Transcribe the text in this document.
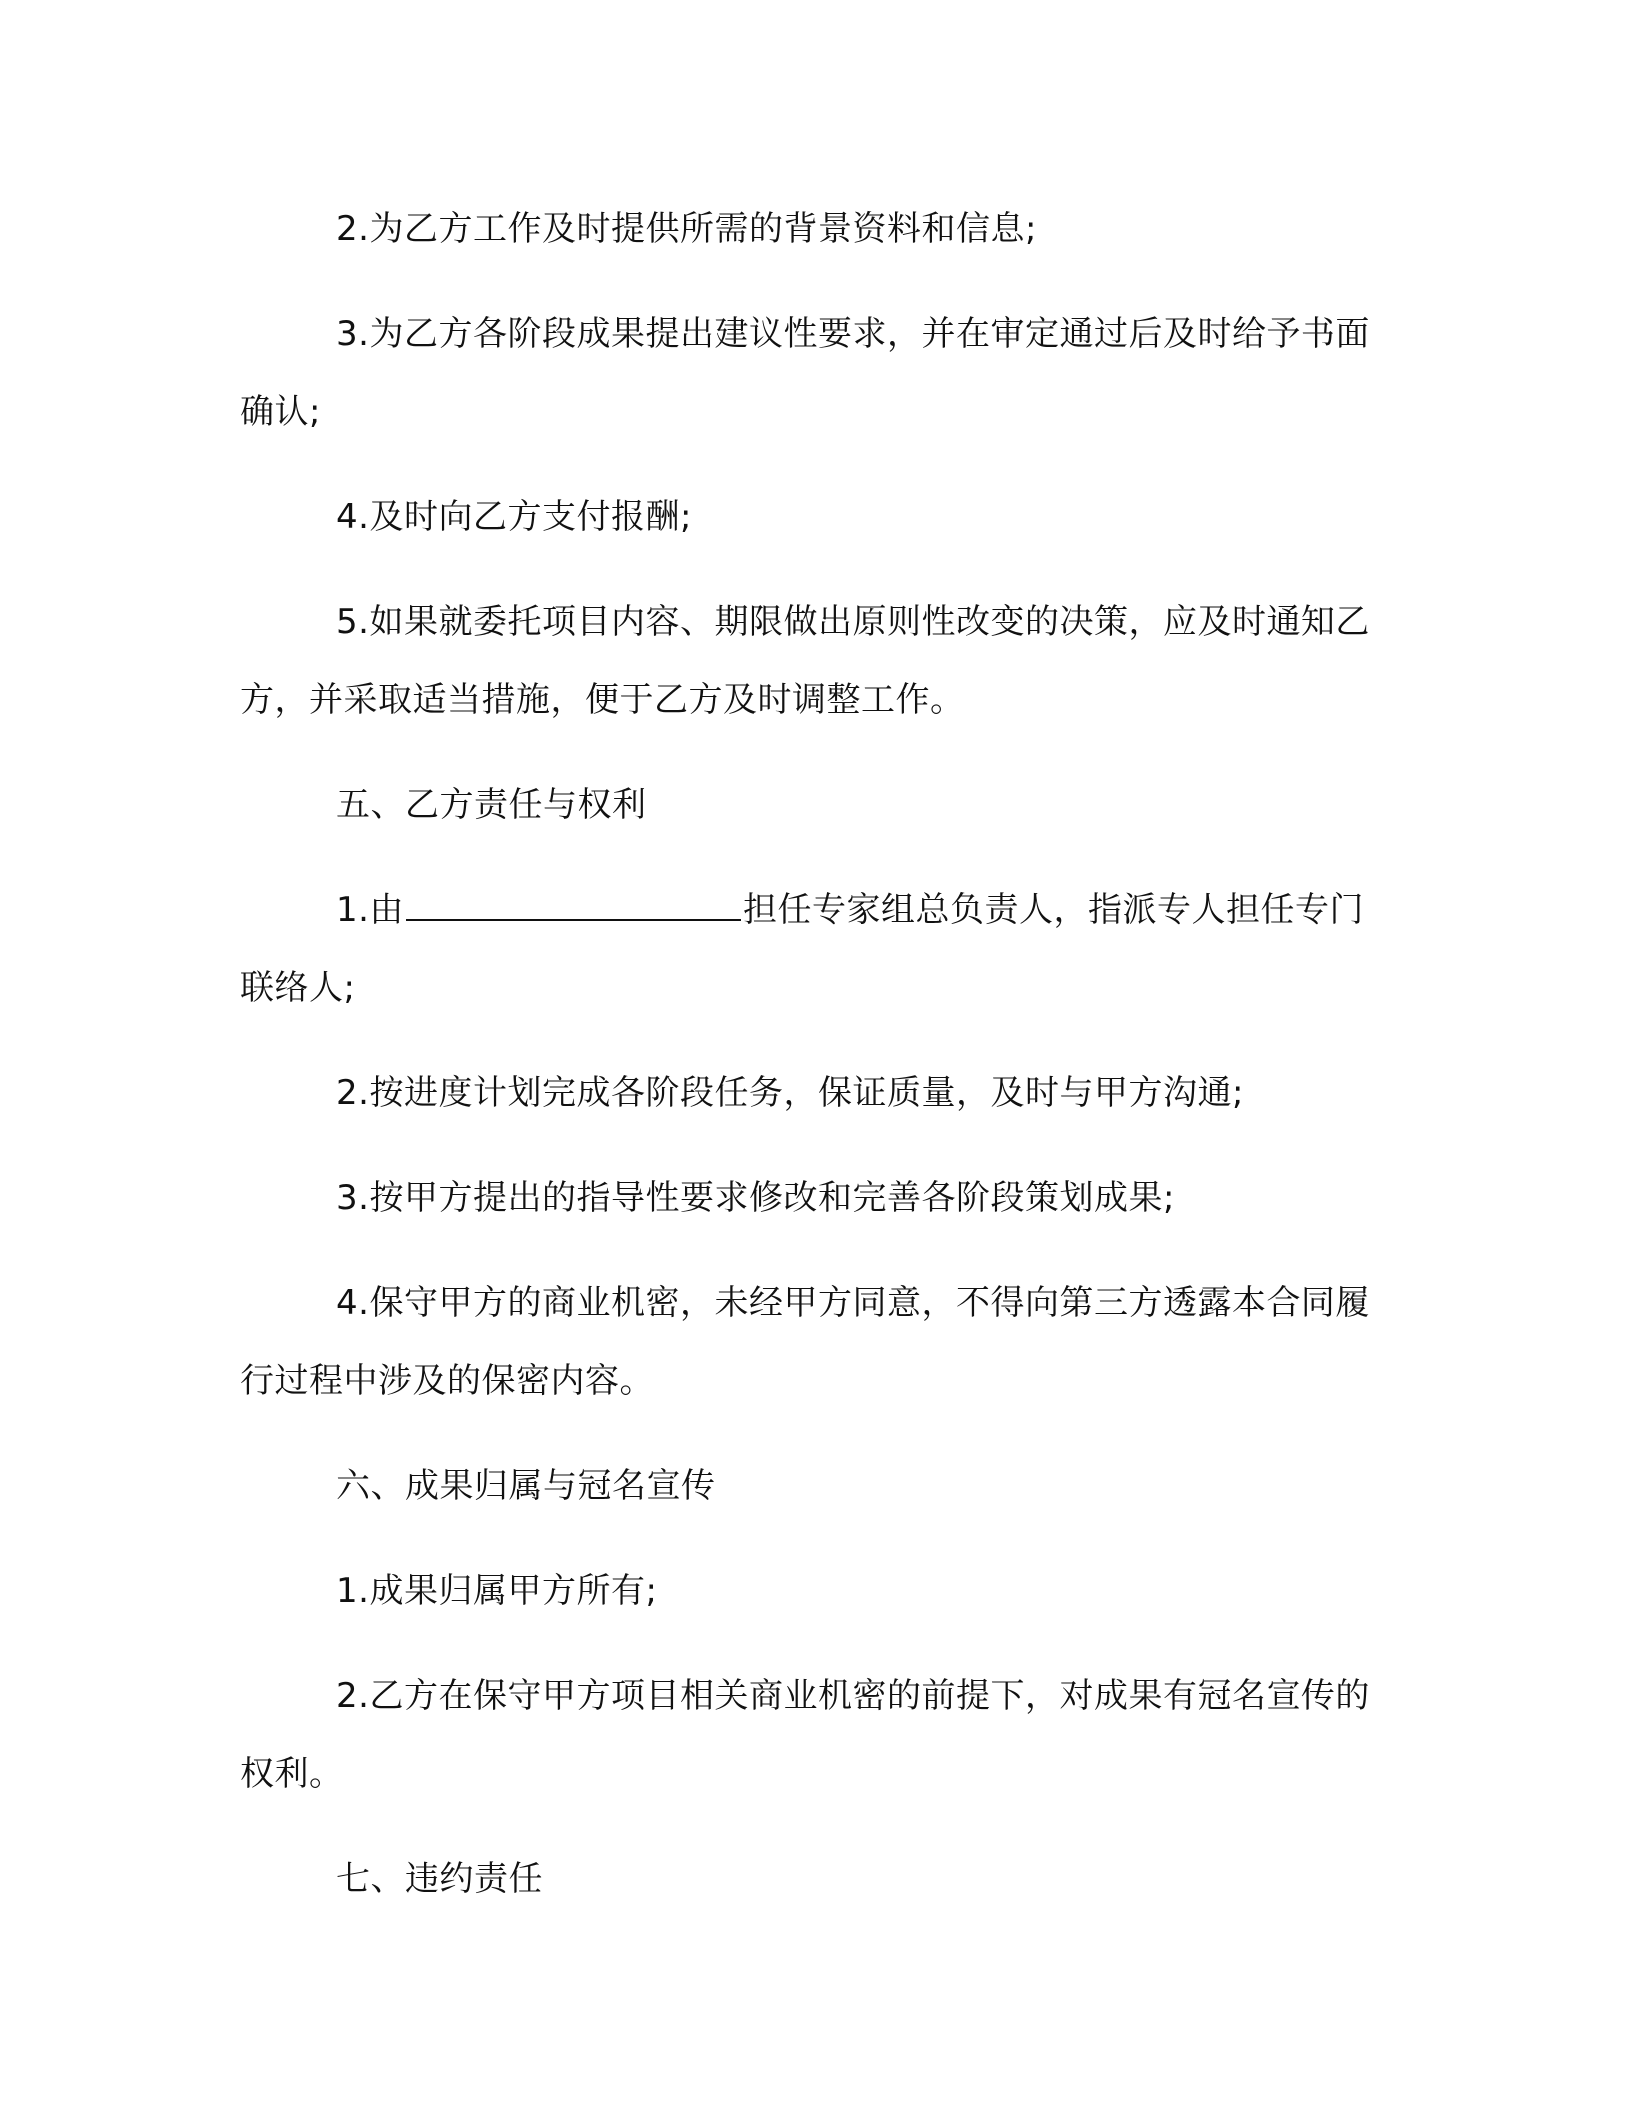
2.为乙方工作及时提供所需的背景资料和信息;

3.为乙方各阶段成果提出建议性要求，并在审定通过后及时给予书面确认;

4.及时向乙方支付报酬;

5.如果就委托项目内容、期限做出原则性改变的决策，应及时通知乙方，并采取适当措施，便于乙方及时调整工作。

五、乙方责任与权利

1.由	担任专家组总负责人，指派专人担任专门联络人;

2.按进度计划完成各阶段任务，保证质量，及时与甲方沟通;

3.按甲方提出的指导性要求修改和完善各阶段策划成果;

4.保守甲方的商业机密，未经甲方同意，不得向第三方透露本合同履行过程中涉及的保密内容。

六、成果归属与冠名宣传

1.成果归属甲方所有;

2.乙方在保守甲方项目相关商业机密的前提下，对成果有冠名宣传的权利。

七、违约责任
